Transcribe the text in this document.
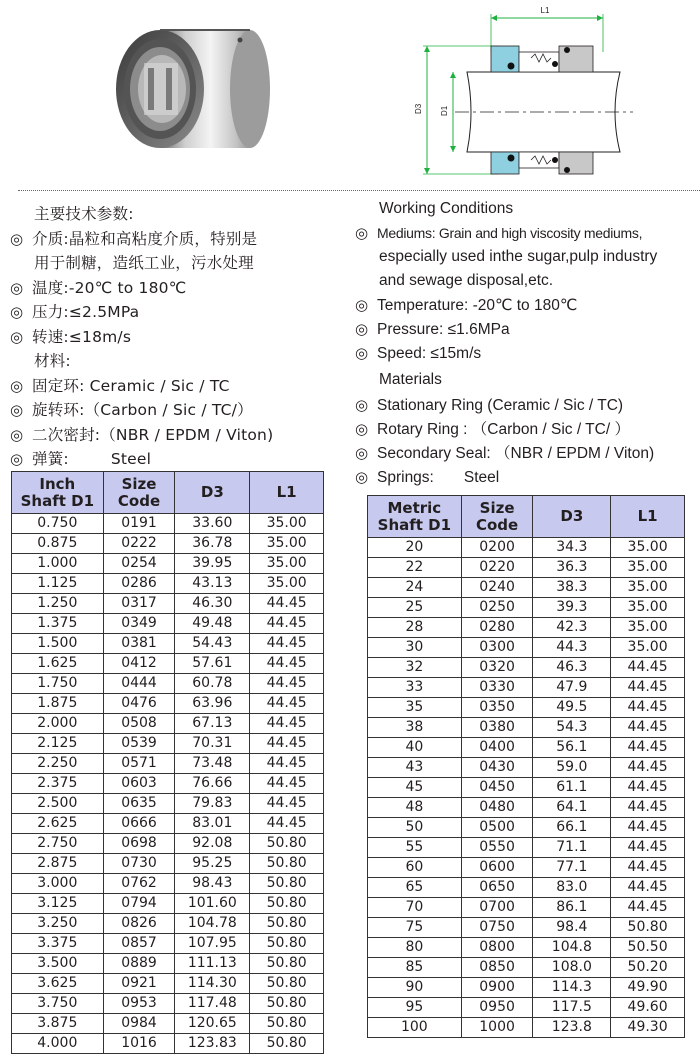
L1
D3 D1
主要技术参数:
◎ 介质:晶粒和高粘度介质，特别是
用于制糖，造纸工业，污水处理
◎ 温度:-20℃ to 180℃
◎ 压力:≤2.5MPa
◎ 转速:≤18m/s
材料:
◎ 固定环: Ceramic / Sic / TC
◎ 旋转环:（Carbon / Sic / TC/）
◎ 二次密封:（NBR / EPDM / Viton)
◎ 弹簧:	Steel
Working Conditions
◎ Mediums: Grain and high viscosity mediums,
especially used inthe sugar,pulp industry
and sewage disposal,etc.
◎ Temperature: -20℃ to 180℃
◎ Pressure: ≤1.6MPa
◎ Speed: ≤15m/s
Materials
◎ Stationary Ring (Ceramic / Sic / TC)
◎ Rotary Ring : （Carbon / Sic / TC/ ）
◎ Secondary Seal: （NBR / EPDM / Viton)
◎ Springs: Steel
Inch
Shaft D1	Size
Code	D3	L1
0.750	0191	33.60	35.00
0.875	0222	36.78	35.00
1.000	0254	39.95	35.00
1.125	0286	43.13	35.00
1.250	0317	46.30	44.45
1.375	0349	49.48	44.45
1.500	0381	54.43	44.45
1.625	0412	57.61	44.45
1.750	0444	60.78	44.45
1.875	0476	63.96	44.45
2.000	0508	67.13	44.45
2.125	0539	70.31	44.45
2.250	0571	73.48	44.45
2.375	0603	76.66	44.45
2.500	0635	79.83	44.45
2.625	0666	83.01	44.45
2.750	0698	92.08	50.80
2.875	0730	95.25	50.80
3.000	0762	98.43	50.80
3.125	0794	101.60	50.80
3.250	0826	104.78	50.80
3.375	0857	107.95	50.80
3.500	0889	111.13	50.80
3.625	0921	114.30	50.80
3.750	0953	117.48	50.80
3.875	0984	120.65	50.80
4.000	1016	123.83	50.80
Metric
Shaft D1	Size
Code	D3	L1
20	0200	34.3	35.00
22	0220	36.3	35.00
24	0240	38.3	35.00
25	0250	39.3	35.00
28	0280	42.3	35.00
30	0300	44.3	35.00
32	0320	46.3	44.45
33	0330	47.9	44.45
35	0350	49.5	44.45
38	0380	54.3	44.45
40	0400	56.1	44.45
43	0430	59.0	44.45
45	0450	61.1	44.45
48	0480	64.1	44.45
50	0500	66.1	44.45
55	0550	71.1	44.45
60	0600	77.1	44.45
65	0650	83.0	44.45
70	0700	86.1	44.45
75	0750	98.4	50.80
80	0800	104.8	50.50
85	0850	108.0	50.20
90	0900	114.3	49.90
95	0950	117.5	49.60
100	1000	123.8	49.30
